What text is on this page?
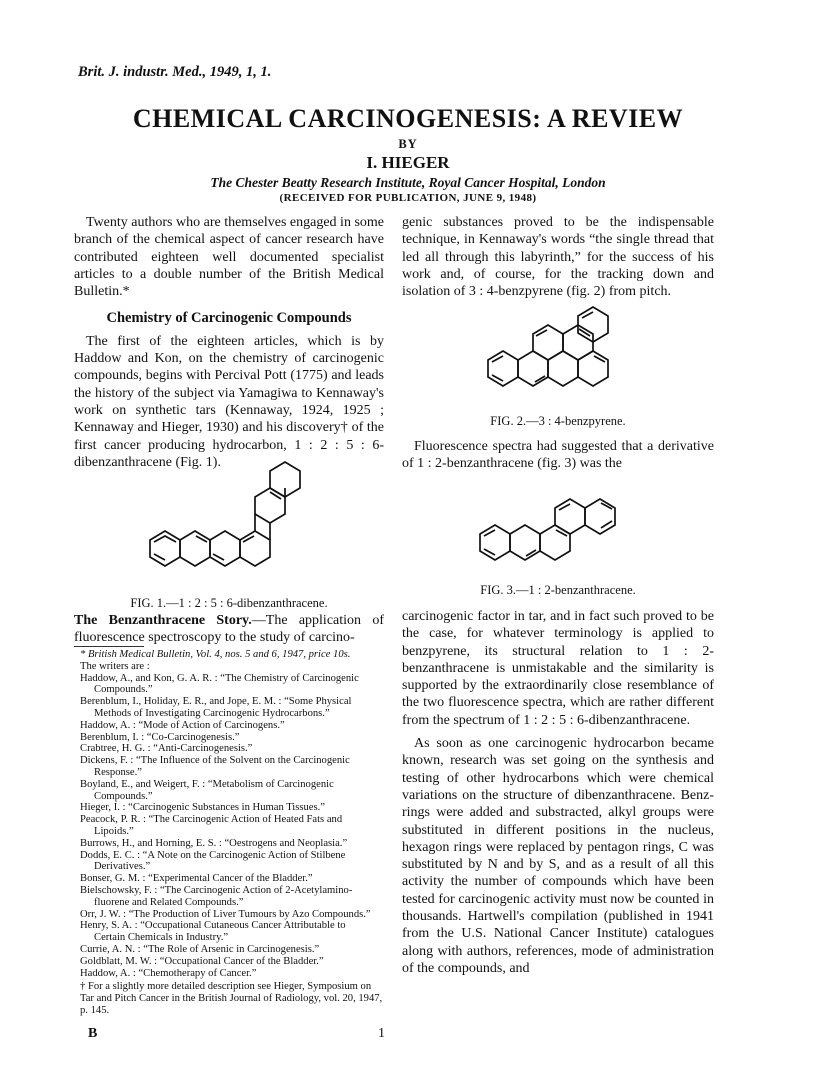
Brit. J. industr. Med., 1949, 1, 1.
CHEMICAL CARCINOGENESIS: A REVIEW
BY
I. HIEGER
The Chester Beatty Research Institute, Royal Cancer Hospital, London
(RECEIVED FOR PUBLICATION, JUNE 9, 1948)

Twenty authors who are themselves engaged in some branch of the chemical aspect of cancer research have contributed eighteen well documented specialist articles to a double number of the British Medical Bulletin.*

Chemistry of Carcinogenic Compounds

The first of the eighteen articles, which is by Haddow and Kon, on the chemistry of carcinogenic compounds, begins with Percival Pott (1775) and leads the history of the subject via Yamagiwa to Kennaway's work on synthetic tars (Kennaway, 1924, 1925 ; Kennaway and Hieger, 1930) and his discovery† of the first cancer producing hydrocarbon, 1 : 2 : 5 : 6-dibenzanthracene (Fig. 1).

FIG. 1.—1 : 2 : 5 : 6-dibenzanthracene.

The Benzanthracene Story.—The application of fluorescence spectroscopy to the study of carcino-

* British Medical Bulletin, Vol. 4, nos. 5 and 6, 1947, price 10s.
The writers are :
Haddow, A., and Kon, G. A. R. : “The Chemistry of Carcinogenic
Compounds.”
Berenblum, I., Holiday, E. R., and Jope, E. M. : “Some Physical
Methods of Investigating Carcinogenic Hydrocarbons.”
Haddow, A. : “Mode of Action of Carcinogens.”
Berenblum, I. : “Co-Carcinogenesis.”
Crabtree, H. G. : “Anti-Carcinogenesis.”
Dickens, F. : “The Influence of the Solvent on the Carcinogenic
Response.”
Boyland, E., and Weigert, F. : “Metabolism of Carcinogenic
Compounds.”
Hieger, I. : “Carcinogenic Substances in Human Tissues.”
Peacock, P. R. : “The Carcinogenic Action of Heated Fats and
Lipoids.”
Burrows, H., and Horning, E. S. : “Oestrogens and Neoplasia.”
Dodds, E. C. : “A Note on the Carcinogenic Action of Stilbene
Derivatives.”
Bonser, G. M. : “Experimental Cancer of the Bladder.”
Bielschowsky, F. : “The Carcinogenic Action of 2-Acetylamino-
fluorene and Related Compounds.”
Orr, J. W. : “The Production of Liver Tumours by Azo Compounds.”
Henry, S. A. : “Occupational Cutaneous Cancer Attributable to
Certain Chemicals in Industry.”
Currie, A. N. : “The Role of Arsenic in Carcinogenesis.”
Goldblatt, M. W. : “Occupational Cancer of the Bladder.”
Haddow, A. : “Chemotherapy of Cancer.”
† For a slightly more detailed description see Hieger, Symposium on Tar and Pitch Cancer in the British Journal of Radiology, vol. 20, 1947, p. 145.
B	1

genic substances proved to be the indispensable technique, in Kennaway's words “the single thread that led all through this labyrinth,” for the success of his work and, of course, for the tracking down and isolation of 3 : 4-benzpyrene (fig. 2) from pitch.

FIG. 2.—3 : 4-benzpyrene.

Fluorescence spectra had suggested that a derivative of 1 : 2-benzanthracene (fig. 3) was the

FIG. 3.—1 : 2-benzanthracene.

carcinogenic factor in tar, and in fact such proved to be the case, for whatever terminology is applied to benzpyrene, its structural relation to 1 : 2-benzanthracene is unmistakable and the similarity is supported by the extraordinarily close resemblance of the two fluorescence spectra, which are rather different from the spectrum of 1 : 2 : 5 : 6-dibenzanthracene.

As soon as one carcinogenic hydrocarbon became known, research was set going on the synthesis and testing of other hydrocarbons which were chemical variations on the structure of dibenzanthracene. Benz-rings were added and substracted, alkyl groups were substituted in different positions in the nucleus, hexagon rings were replaced by pentagon rings, C was substituted by N and by S, and as a result of all this activity the number of compounds which have been tested for carcinogenic activity must now be counted in thousands. Hartwell's compilation (published in 1941 from the U.S. National Cancer Institute) catalogues along with authors, references, mode of administration of the compounds, and
